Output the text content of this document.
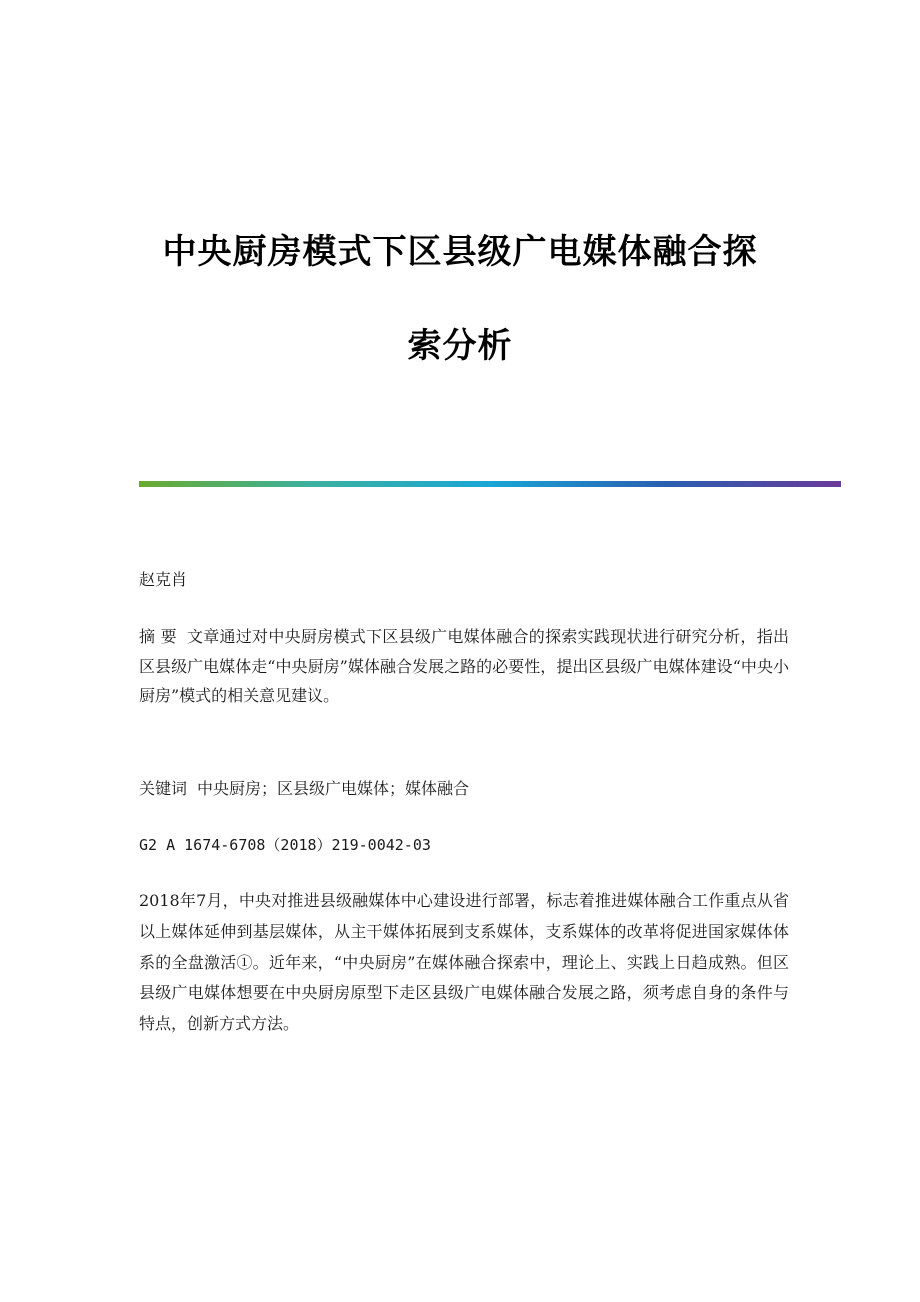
中央厨房模式下区县级广电媒体融合探
索分析
赵克肖
摘 要 文章通过对中央厨房模式下区县级广电媒体融合的探索实践现状进行研究分析，指出区县级广电媒体走“中央厨房”媒体融合发展之路的必要性，提出区县级广电媒体建设“中央小厨房”模式的相关意见建议。
关键词 中央厨房；区县级广电媒体；媒体融合
G2 A 1674-6708（2018）219-0042-03
2018年7月，中央对推进县级融媒体中心建设进行部署，标志着推进媒体融合工作重点从省以上媒体延伸到基层媒体，从主干媒体拓展到支系媒体，支系媒体的改革将促进国家媒体体系的全盘激活①。近年来，“中央厨房”在媒体融合探索中，理论上、实践上日趋成熟。但区县级广电媒体想要在中央厨房原型下走区县级广电媒体融合发展之路，须考虑自身的条件与特点，创新方式方法。
